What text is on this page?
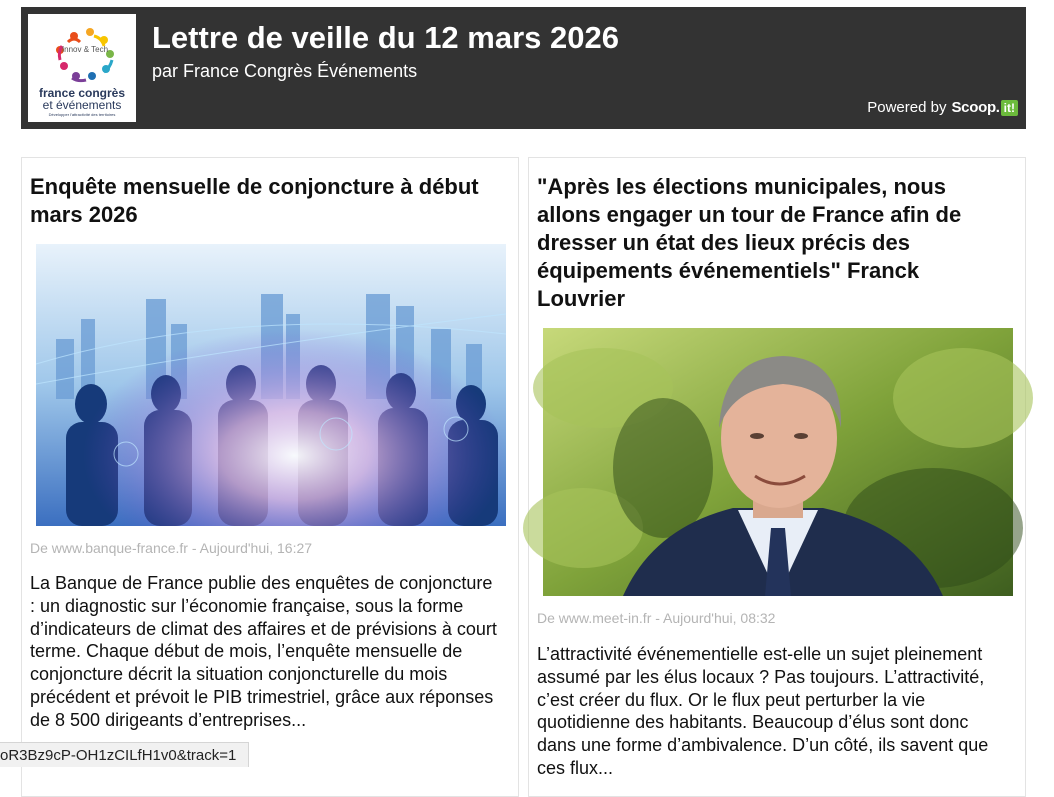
Innov & Tech
france congrès
et événements
Développer l'attractivité des territoires
Lettre de veille du 12 mars 2026
par France Congrès Événements
Powered by Scoop. it!
Enquête mensuelle de conjoncture à début mars 2026
De www.banque-france.fr - Aujourd'hui, 16:27
La Banque de France publie des enquêtes de conjoncture : un diagnostic sur l’économie française, sous la forme d’indicateurs de climat des affaires et de prévisions à court terme. Chaque début de mois, l’enquête mensuelle de conjoncture décrit la situation conjoncturelle du mois précédent et prévoit le PIB trimestriel, grâce aux réponses de 8 500 dirigeants d’entreprises...
"Après les élections municipales, nous allons engager un tour de France afin de dresser un état des lieux précis des équipements événementiels" Franck Louvrier
De www.meet-in.fr - Aujourd'hui, 08:32
L’attractivité événementielle est-elle un sujet pleinement assumé par les élus locaux ? Pas toujours. L’attractivité, c’est créer du flux. Or le flux peut perturber la vie quotidienne des habitants. Beaucoup d’élus sont donc dans une forme d’ambivalence. D’un côté, ils savent que ces flux...
oR3Bz9cP-OH1zCILfH1v0&track=1
